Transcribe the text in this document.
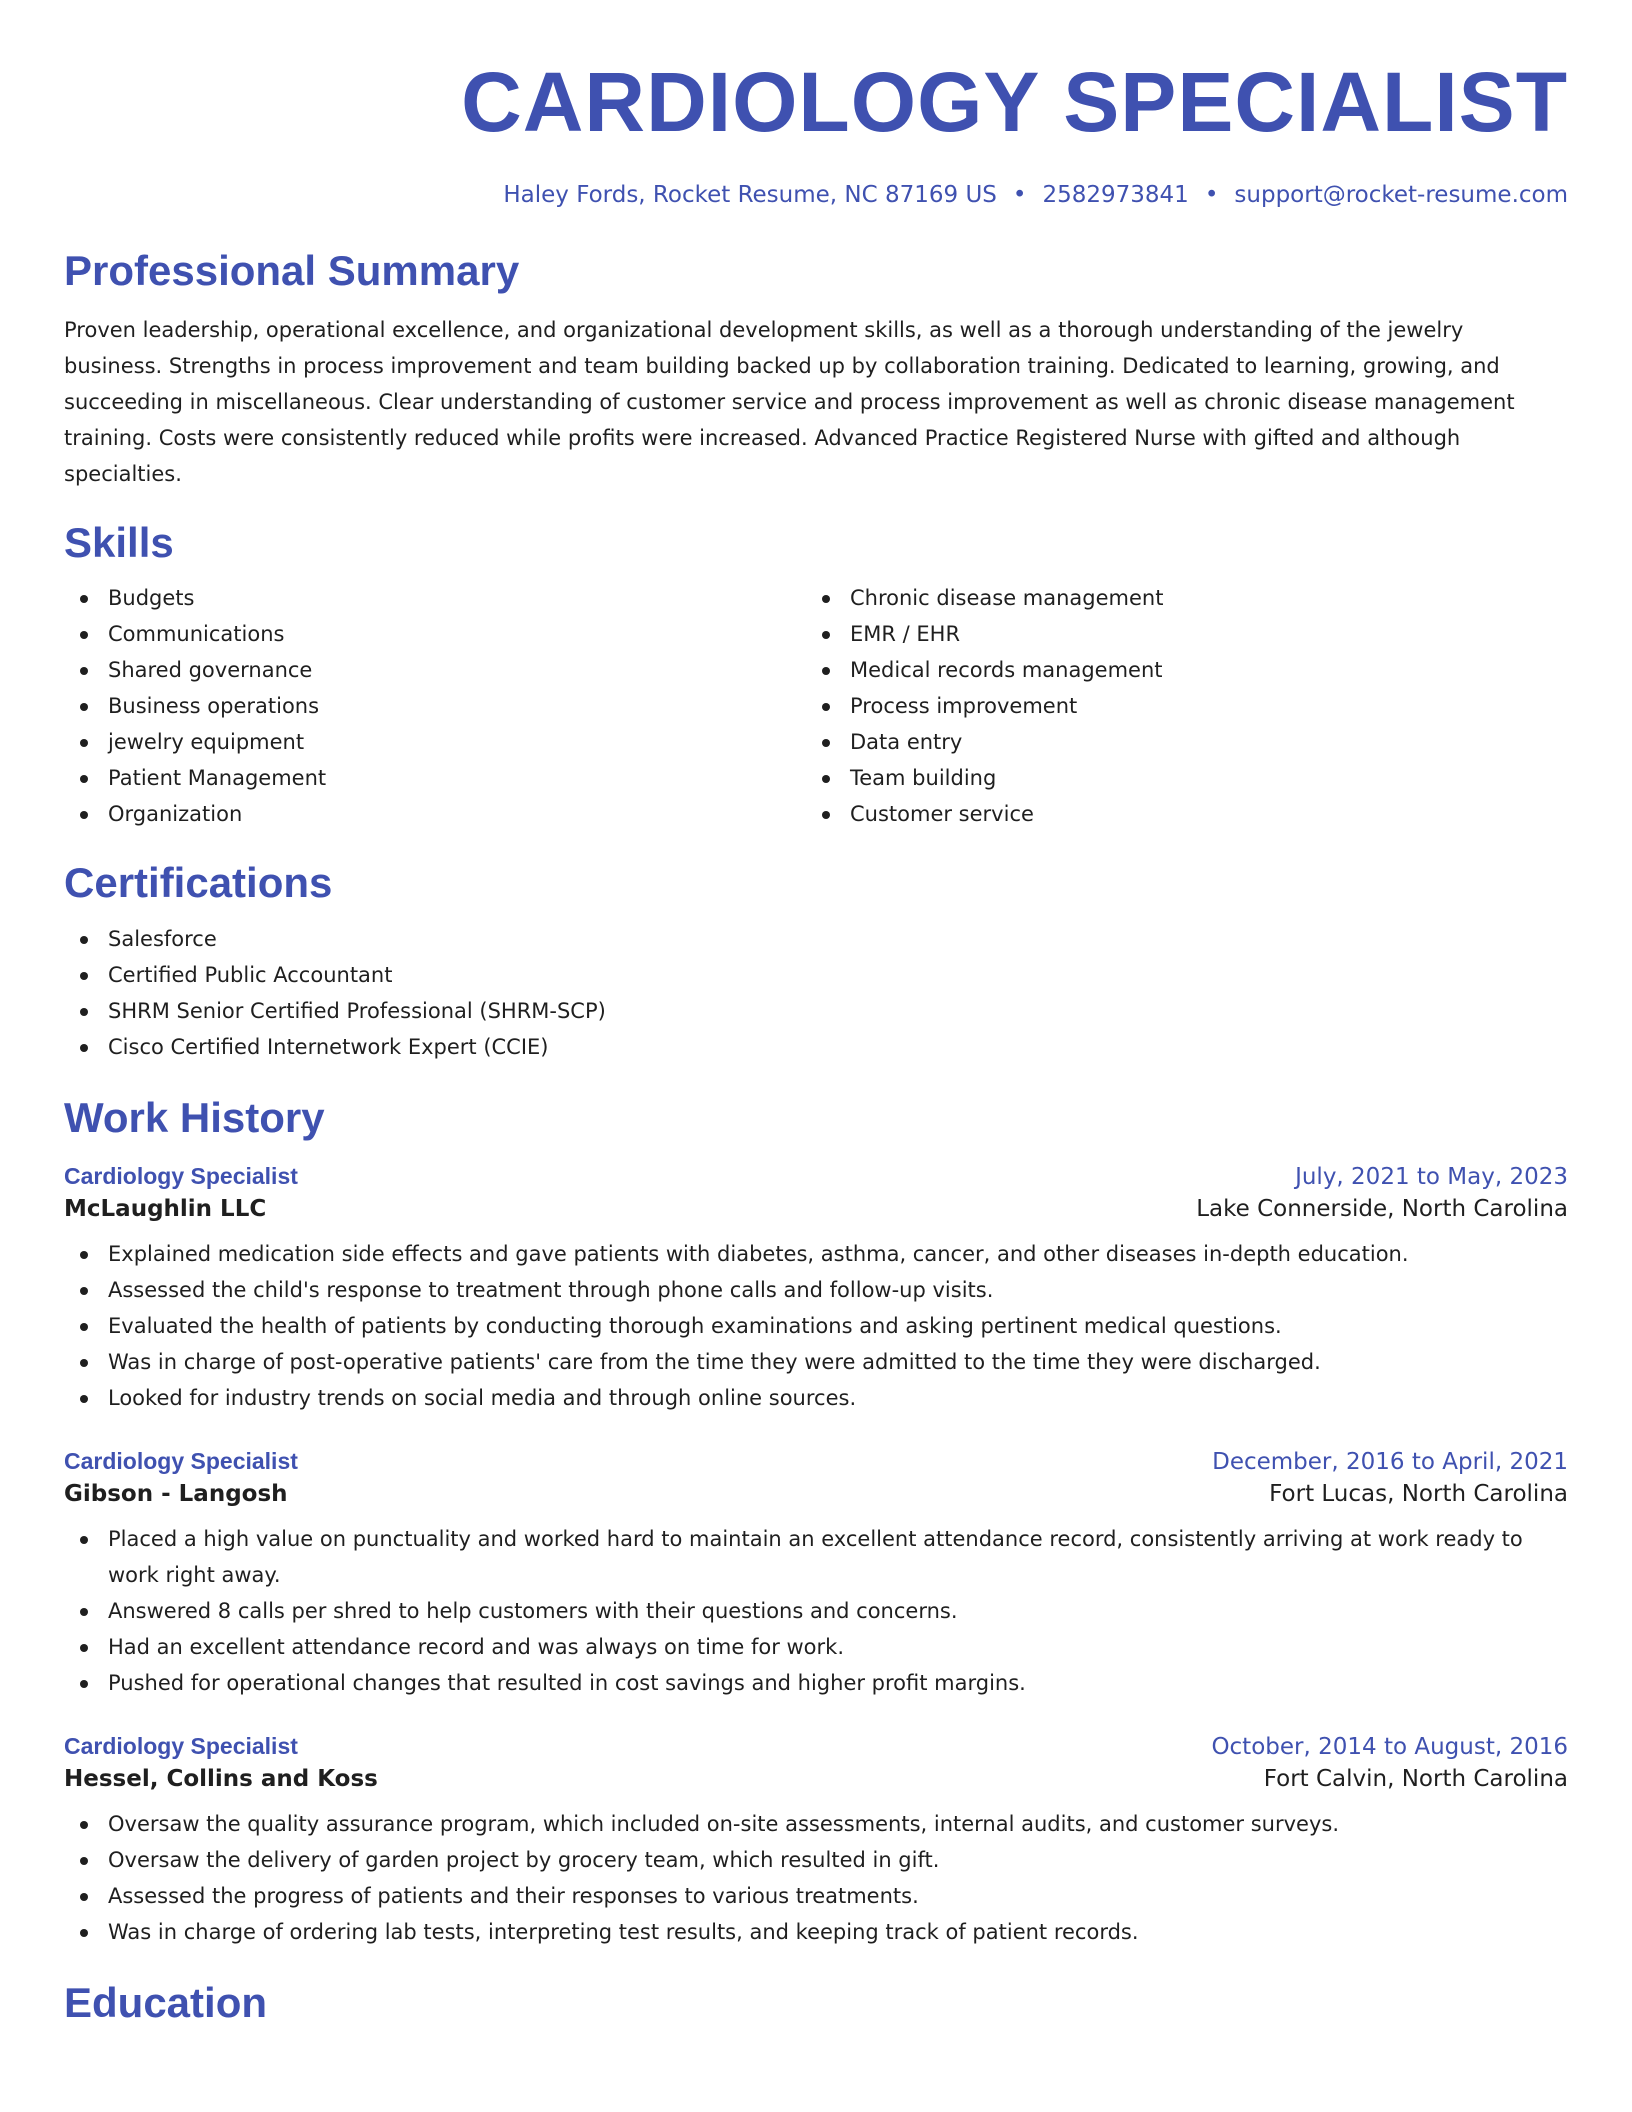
CARDIOLOGY SPECIALIST
Haley Fords, Rocket Resume, NC 87169 US • 2582973841 • support@rocket-resume.com
Professional Summary

Proven leadership, operational excellence, and organizational development skills, as well as a thorough understanding of the jewelry business. Strengths in process improvement and team building backed up by collaboration training. Dedicated to learning, growing, and succeeding in miscellaneous. Clear understanding of customer service and process improvement as well as chronic disease management training. Costs were consistently reduced while profits were increased. Advanced Practice Registered Nurse with gifted and although specialties.

Skills
Budgets
Communications
Shared governance
Business operations
jewelry equipment
Patient Management
Organization
Chronic disease management
EMR / EHR
Medical records management
Process improvement
Data entry
Team building
Customer service
Certifications
Salesforce
Certified Public Accountant
SHRM Senior Certified Professional (SHRM-SCP)
Cisco Certified Internetwork Expert (CCIE)
Work History
Cardiology Specialist	July, 2021 to May, 2023
McLaughlin LLC	Lake Connerside, North Carolina
Explained medication side effects and gave patients with diabetes, asthma, cancer, and other diseases in-depth education.
Assessed the child's response to treatment through phone calls and follow-up visits.
Evaluated the health of patients by conducting thorough examinations and asking pertinent medical questions.
Was in charge of post-operative patients' care from the time they were admitted to the time they were discharged.
Looked for industry trends on social media and through online sources.
Cardiology Specialist	December, 2016 to April, 2021
Gibson - Langosh	Fort Lucas, North Carolina
Placed a high value on punctuality and worked hard to maintain an excellent attendance record, consistently arriving at work ready to work right away.
Answered 8 calls per shred to help customers with their questions and concerns.
Had an excellent attendance record and was always on time for work.
Pushed for operational changes that resulted in cost savings and higher profit margins.
Cardiology Specialist	October, 2014 to August, 2016
Hessel, Collins and Koss	Fort Calvin, North Carolina
Oversaw the quality assurance program, which included on-site assessments, internal audits, and customer surveys.
Oversaw the delivery of garden project by grocery team, which resulted in gift.
Assessed the progress of patients and their responses to various treatments.
Was in charge of ordering lab tests, interpreting test results, and keeping track of patient records.
Education
